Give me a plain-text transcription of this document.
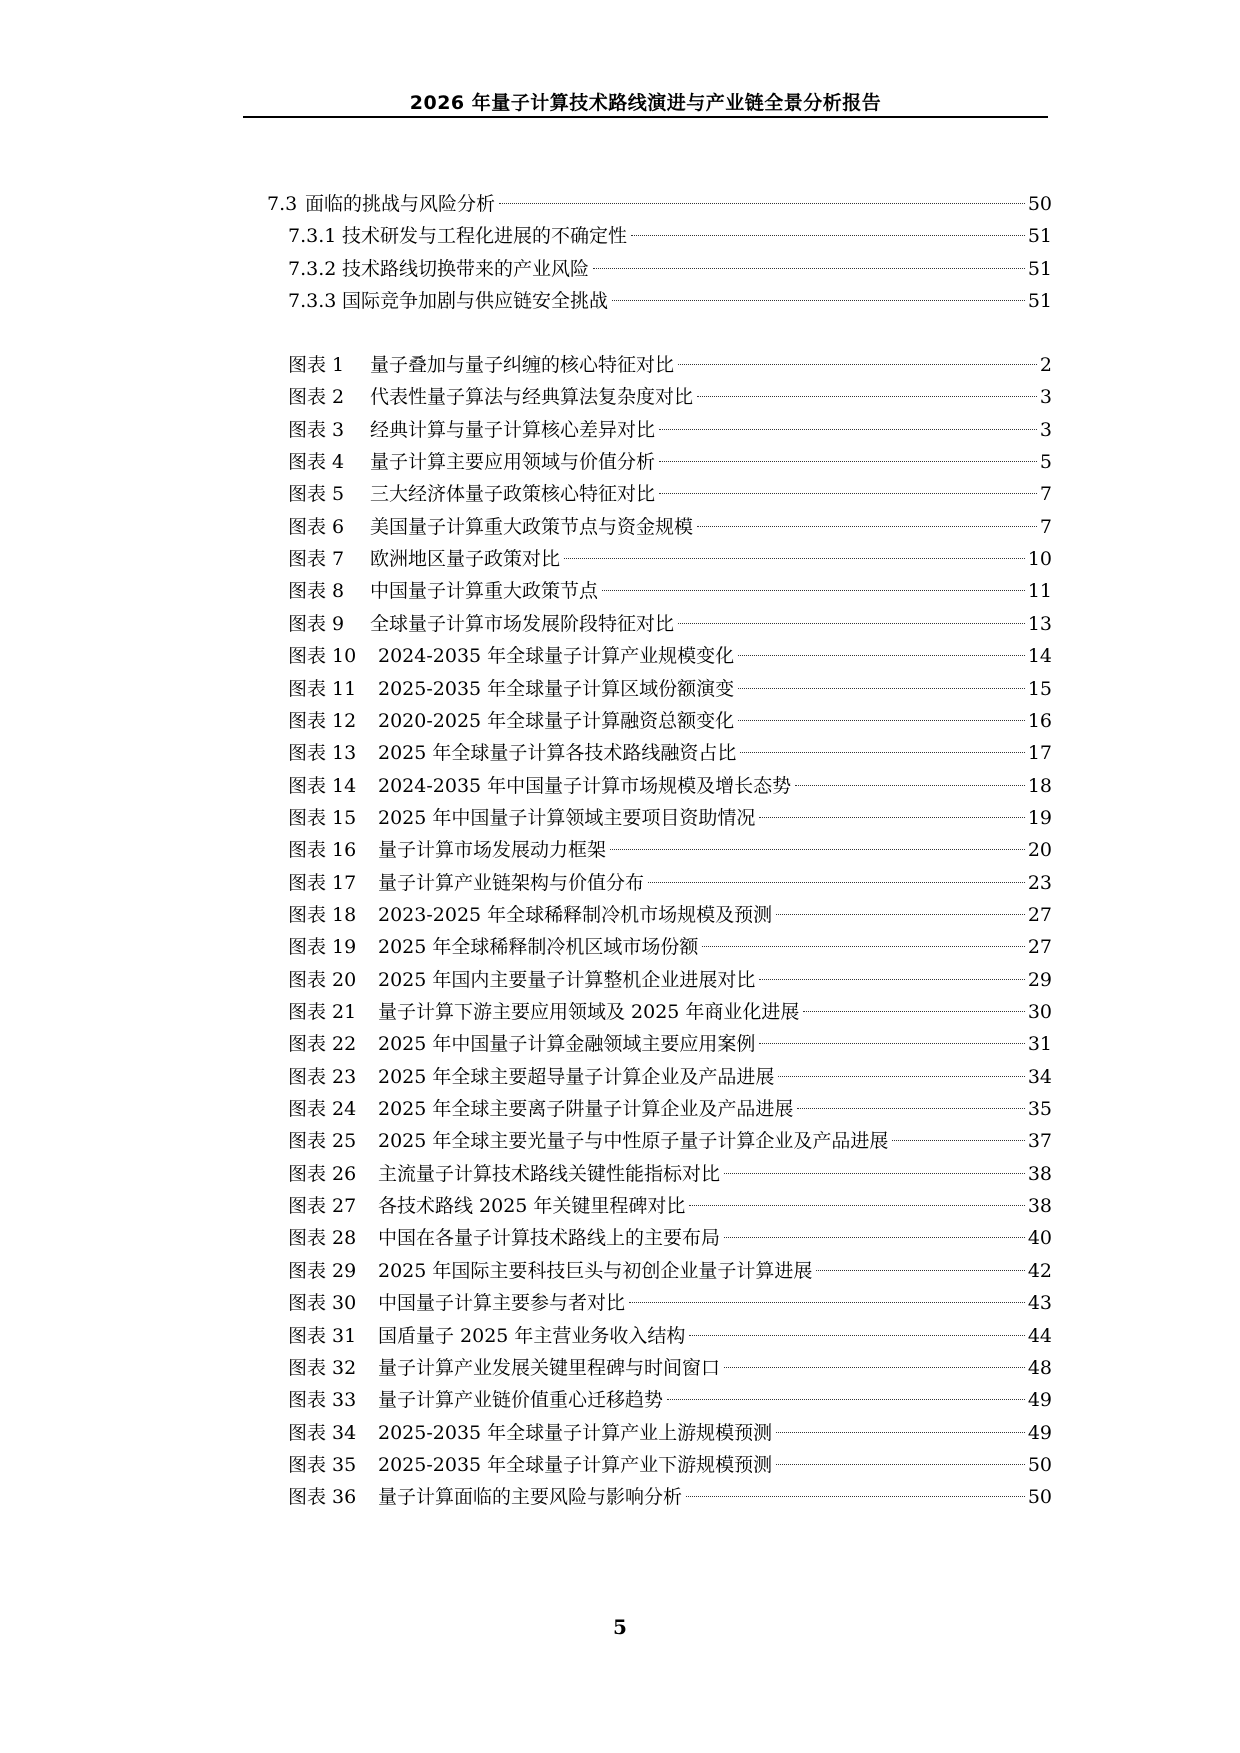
2026 年量子计算技术路线演进与产业链全景分析报告
7.3 面临的挑战与风险分析	50
7.3.1 技术研发与工程化进展的不确定性	51
7.3.2 技术路线切换带来的产业风险	51
7.3.3 国际竞争加剧与供应链安全挑战	51
图表 1 量子叠加与量子纠缠的核心特征对比	2
图表 2 代表性量子算法与经典算法复杂度对比	3
图表 3 经典计算与量子计算核心差异对比	3
图表 4 量子计算主要应用领域与价值分析	5
图表 5 三大经济体量子政策核心特征对比	7
图表 6 美国量子计算重大政策节点与资金规模	7
图表 7 欧洲地区量子政策对比	10
图表 8 中国量子计算重大政策节点	11
图表 9 全球量子计算市场发展阶段特征对比	13
图表 10 2024-2035 年全球量子计算产业规模变化	14
图表 11 2025-2035 年全球量子计算区域份额演变	15
图表 12 2020-2025 年全球量子计算融资总额变化	16
图表 13 2025 年全球量子计算各技术路线融资占比	17
图表 14 2024-2035 年中国量子计算市场规模及增长态势	18
图表 15 2025 年中国量子计算领域主要项目资助情况	19
图表 16 量子计算市场发展动力框架	20
图表 17 量子计算产业链架构与价值分布	23
图表 18 2023-2025 年全球稀释制冷机市场规模及预测	27
图表 19 2025 年全球稀释制冷机区域市场份额	27
图表 20 2025 年国内主要量子计算整机企业进展对比	29
图表 21 量子计算下游主要应用领域及 2025 年商业化进展	30
图表 22 2025 年中国量子计算金融领域主要应用案例	31
图表 23 2025 年全球主要超导量子计算企业及产品进展	34
图表 24 2025 年全球主要离子阱量子计算企业及产品进展	35
图表 25 2025 年全球主要光量子与中性原子量子计算企业及产品进展	37
图表 26 主流量子计算技术路线关键性能指标对比	38
图表 27 各技术路线 2025 年关键里程碑对比	38
图表 28 中国在各量子计算技术路线上的主要布局	40
图表 29 2025 年国际主要科技巨头与初创企业量子计算进展	42
图表 30 中国量子计算主要参与者对比	43
图表 31 国盾量子 2025 年主营业务收入结构	44
图表 32 量子计算产业发展关键里程碑与时间窗口	48
图表 33 量子计算产业链价值重心迁移趋势	49
图表 34 2025-2035 年全球量子计算产业上游规模预测	49
图表 35 2025-2035 年全球量子计算产业下游规模预测	50
图表 36 量子计算面临的主要风险与影响分析	50
5
